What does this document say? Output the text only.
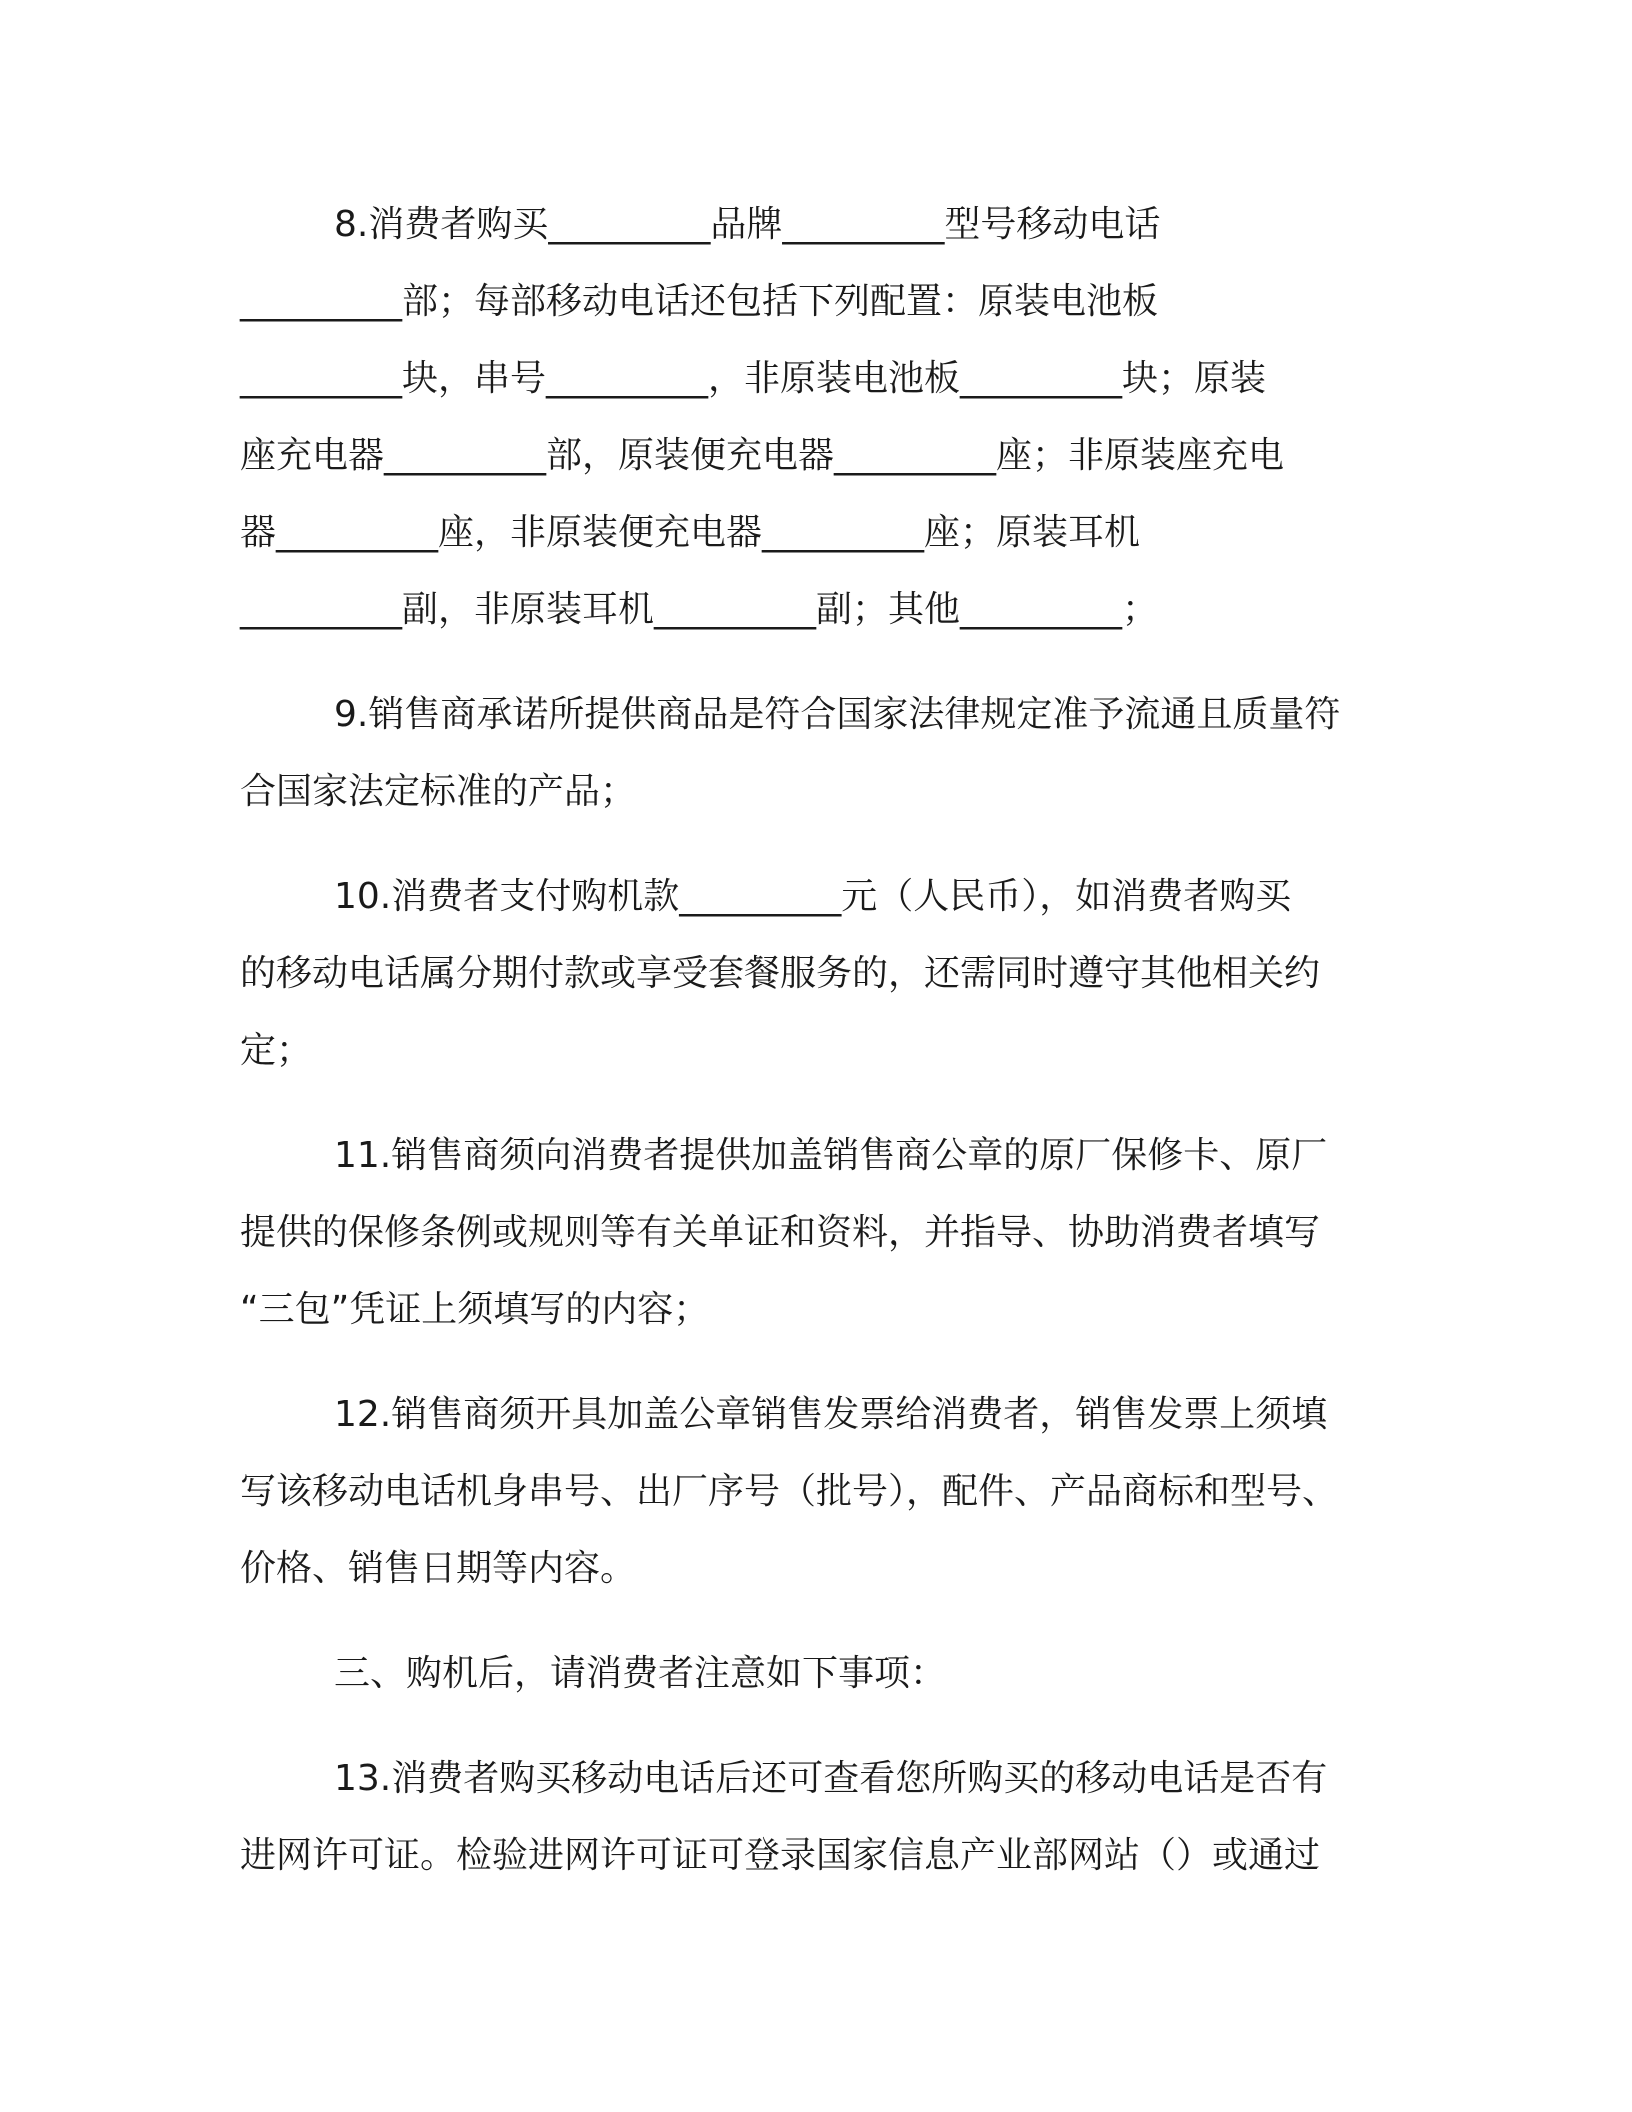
8.消费者购买_________品牌_________型号移动电话
_________部；每部移动电话还包括下列配置：原装电池板
_________块，串号_________，非原装电池板_________块；原装
座充电器_________部，原装便充电器_________座；非原装座充电
器_________座，非原装便充电器_________座；原装耳机
_________副，非原装耳机_________副；其他_________；
9.销售商承诺所提供商品是符合国家法律规定准予流通且质量符
合国家法定标准的产品；
10.消费者支付购机款_________元（人民币），如消费者购买
的移动电话属分期付款或享受套餐服务的，还需同时遵守其他相关约
定；
11.销售商须向消费者提供加盖销售商公章的原厂保修卡、原厂
提供的保修条例或规则等有关单证和资料，并指导、协助消费者填写
“三包”凭证上须填写的内容；
12.销售商须开具加盖公章销售发票给消费者，销售发票上须填
写该移动电话机身串号、出厂序号（批号），配件、产品商标和型号、
价格、销售日期等内容。
三、购机后，请消费者注意如下事项：
13.消费者购买移动电话后还可查看您所购买的移动电话是否有
进网许可证。检验进网许可证可登录国家信息产业部网站（）或通过
